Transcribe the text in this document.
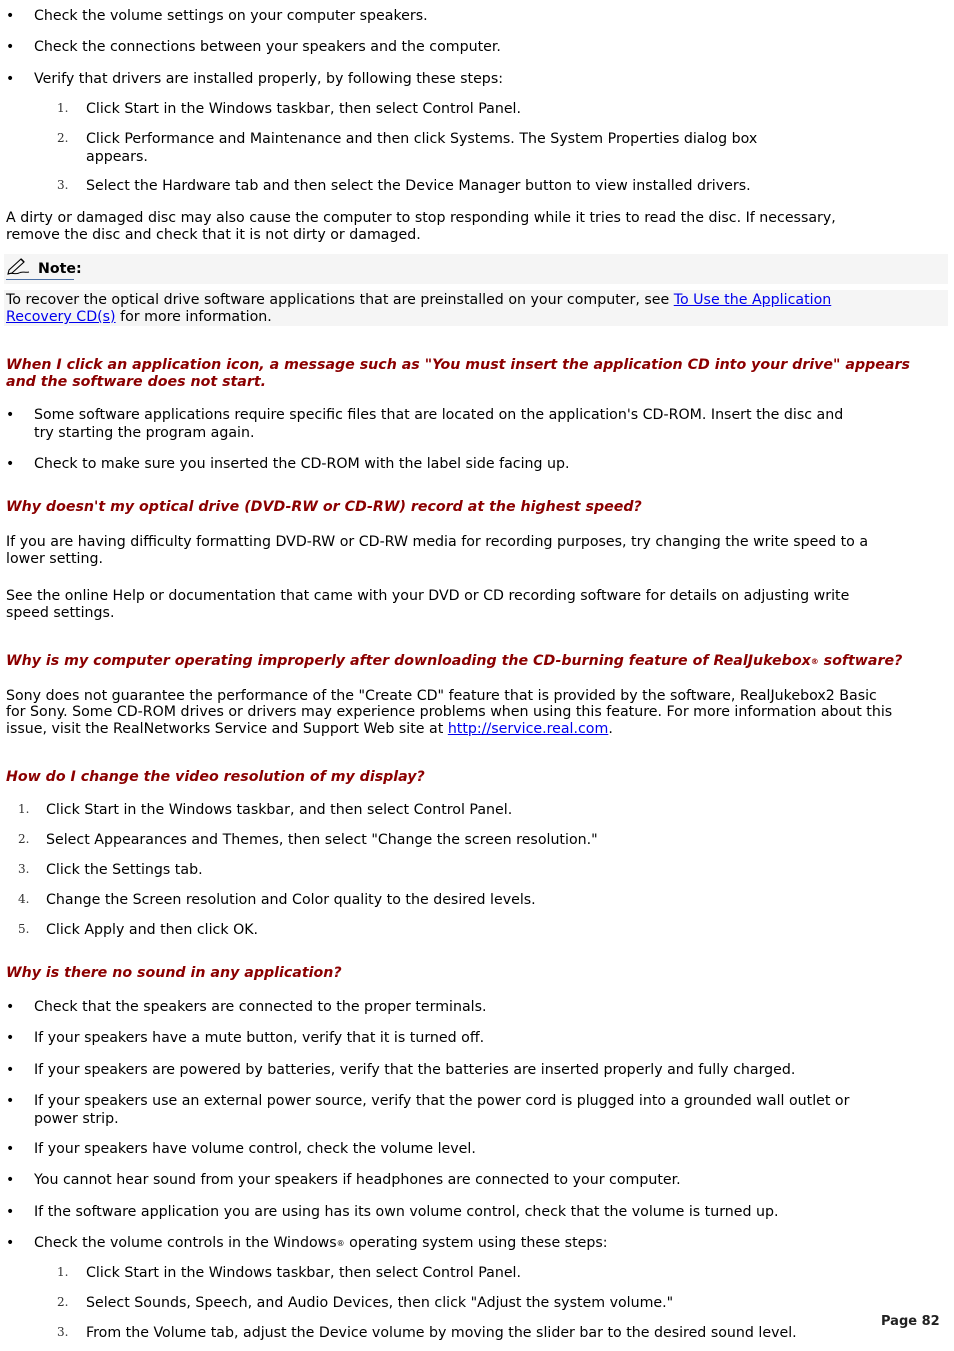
• Check the volume settings on your computer speakers.
• Check the connections between your speakers and the computer.
• Verify that drivers are installed properly, by following these steps:
1. Click Start in the Windows taskbar, then select Control Panel.
2. Click Performance and Maintenance and then click Systems. The System Properties dialog box
appears.
3. Select the Hardware tab and then select the Device Manager button to view installed drivers.
A dirty or damaged disc may also cause the computer to stop responding while it tries to read the disc. If necessary,
remove the disc and check that it is not dirty or damaged.
Note:
To recover the optical drive software applications that are preinstalled on your computer, see To Use the Application
Recovery CD(s) for more information.
When I click an application icon, a message such as "You must insert the application CD into your drive" appears
and the software does not start.
• Some software applications require specific files that are located on the application's CD-ROM. Insert the disc and
try starting the program again.
• Check to make sure you inserted the CD-ROM with the label side facing up.
Why doesn't my optical drive (DVD-RW or CD-RW) record at the highest speed?
If you are having difficulty formatting DVD-RW or CD-RW media for recording purposes, try changing the write speed to a
lower setting.
See the online Help or documentation that came with your DVD or CD recording software for details on adjusting write
speed settings.
Why is my computer operating improperly after downloading the CD-burning feature of RealJukebox® software?
Sony does not guarantee the performance of the "Create CD" feature that is provided by the software, RealJukebox2 Basic
for Sony. Some CD-ROM drives or drivers may experience problems when using this feature. For more information about this
issue, visit the RealNetworks Service and Support Web site at http://service.real.com.
How do I change the video resolution of my display?
1. Click Start in the Windows taskbar, and then select Control Panel.
2. Select Appearances and Themes, then select "Change the screen resolution."
3. Click the Settings tab.
4. Change the Screen resolution and Color quality to the desired levels.
5. Click Apply and then click OK.
Why is there no sound in any application?
• Check that the speakers are connected to the proper terminals.
• If your speakers have a mute button, verify that it is turned off.
• If your speakers are powered by batteries, verify that the batteries are inserted properly and fully charged.
• If your speakers use an external power source, verify that the power cord is plugged into a grounded wall outlet or
power strip.
• If your speakers have volume control, check the volume level.
• You cannot hear sound from your speakers if headphones are connected to your computer.
• If the software application you are using has its own volume control, check that the volume is turned up.
• Check the volume controls in the Windows® operating system using these steps:
1. Click Start in the Windows taskbar, then select Control Panel.
2. Select Sounds, Speech, and Audio Devices, then click "Adjust the system volume."
3. From the Volume tab, adjust the Device volume by moving the slider bar to the desired sound level.
Page 82
